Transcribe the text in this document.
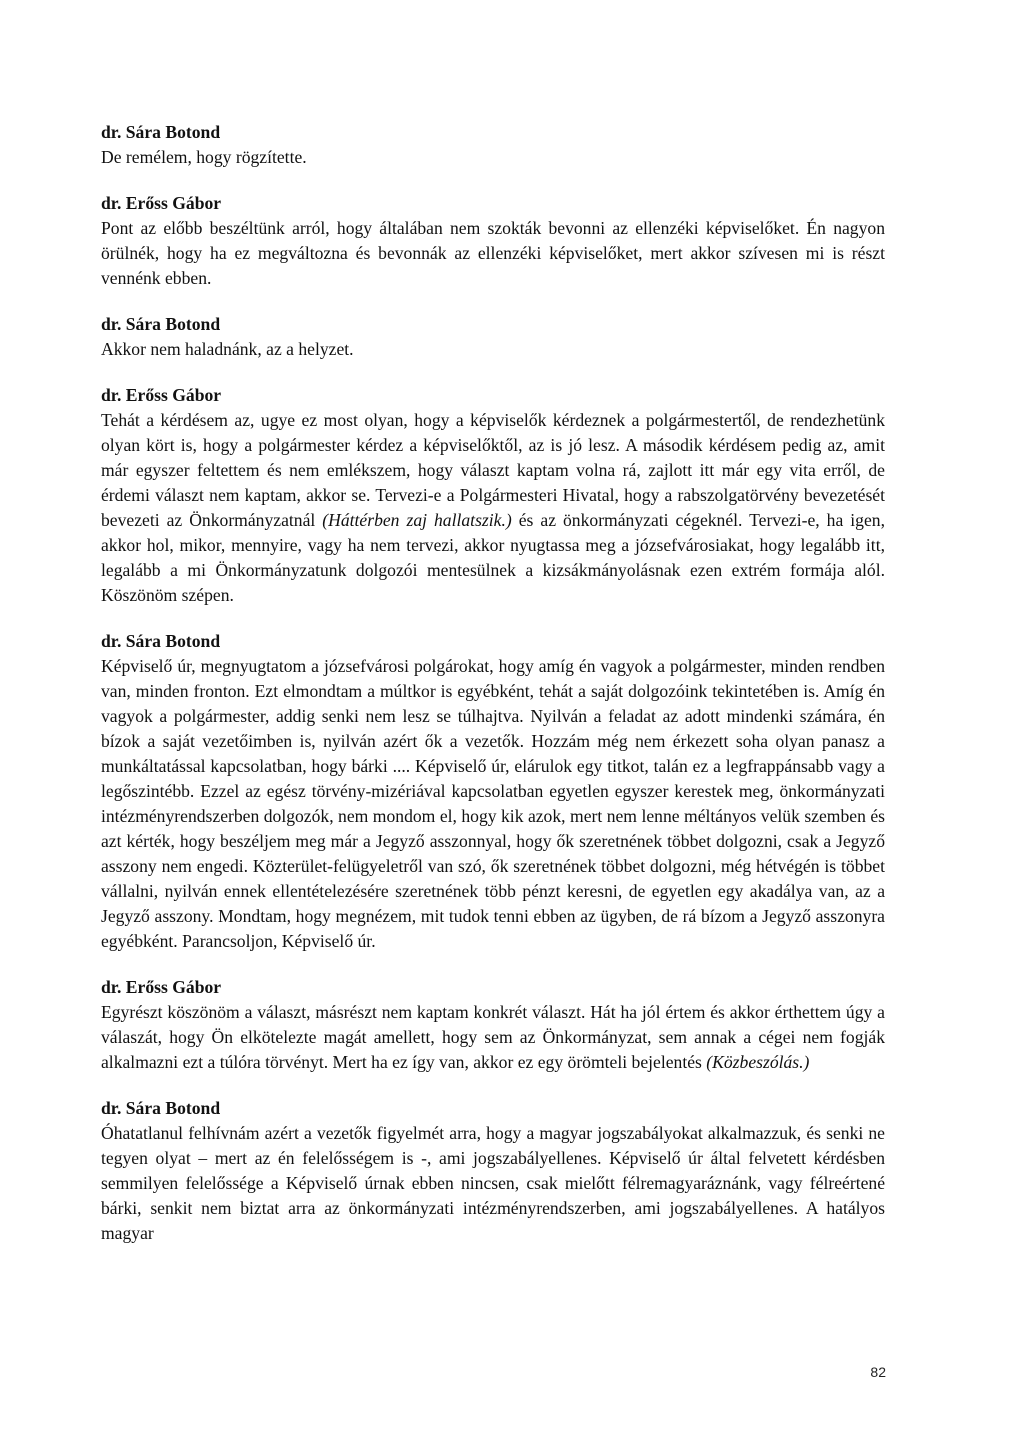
dr. Sára Botond

De remélem, hogy rögzítette.

dr. Erőss Gábor

Pont az előbb beszéltünk arról, hogy általában nem szokták bevonni az ellenzéki képviselőket. Én nagyon örülnék, hogy ha ez megváltozna és bevonnák az ellenzéki képviselőket, mert akkor szívesen mi is részt vennénk ebben.

dr. Sára Botond

Akkor nem haladnánk, az a helyzet.

dr. Erőss Gábor

Tehát a kérdésem az, ugye ez most olyan, hogy a képviselők kérdeznek a polgármestertől, de rendezhetünk olyan kört is, hogy a polgármester kérdez a képviselőktől, az is jó lesz. A második kérdésem pedig az, amit már egyszer feltettem és nem emlékszem, hogy választ kaptam volna rá, zajlott itt már egy vita erről, de érdemi választ nem kaptam, akkor se. Tervezi-e a Polgármesteri Hivatal, hogy a rabszolgatörvény bevezetését bevezeti az Önkormányzatnál (Háttérben zaj hallatszik.) és az önkormányzati cégeknél. Tervezi-e, ha igen, akkor hol, mikor, mennyire, vagy ha nem tervezi, akkor nyugtassa meg a józsefvárosiakat, hogy legalább itt, legalább a mi Önkormányzatunk dolgozói mentesülnek a kizsákmányolásnak ezen extrém formája alól. Köszönöm szépen.

dr. Sára Botond

Képviselő úr, megnyugtatom a józsefvárosi polgárokat, hogy amíg én vagyok a polgármester, minden rendben van, minden fronton. Ezt elmondtam a múltkor is egyébként, tehát a saját dolgozóink tekintetében is. Amíg én vagyok a polgármester, addig senki nem lesz se túlhajtva. Nyilván a feladat az adott mindenki számára, én bízok a saját vezetőimben is, nyilván azért ők a vezetők. Hozzám még nem érkezett soha olyan panasz a munkáltatással kapcsolatban, hogy bárki .... Képviselő úr, elárulok egy titkot, talán ez a legfrappánsabb vagy a legőszintébb. Ezzel az egész törvény-mizériával kapcsolatban egyetlen egyszer kerestek meg, önkormányzati intézményrendszerben dolgozók, nem mondom el, hogy kik azok, mert nem lenne méltányos velük szemben és azt kérték, hogy beszéljem meg már a Jegyző asszonnyal, hogy ők szeretnének többet dolgozni, csak a Jegyző asszony nem engedi. Közterület-felügyeletről van szó, ők szeretnének többet dolgozni, még hétvégén is többet vállalni, nyilván ennek ellentételezésére szeretnének több pénzt keresni, de egyetlen egy akadálya van, az a Jegyző asszony. Mondtam, hogy megnézem, mit tudok tenni ebben az ügyben, de rá bízom a Jegyző asszonyra egyébként. Parancsoljon, Képviselő úr.

dr. Erőss Gábor

Egyrészt köszönöm a választ, másrészt nem kaptam konkrét választ. Hát ha jól értem és akkor érthettem úgy a válaszát, hogy Ön elkötelezte magát amellett, hogy sem az Önkormányzat, sem annak a cégei nem fogják alkalmazni ezt a túlóra törvényt. Mert ha ez így van, akkor ez egy örömteli bejelentés (Közbeszólás.)

dr. Sára Botond

Óhatatlanul felhívnám azért a vezetők figyelmét arra, hogy a magyar jogszabályokat alkalmazzuk, és senki ne tegyen olyat – mert az én felelősségem is -, ami jogszabályellenes. Képviselő úr által felvetett kérdésben semmilyen felelőssége a Képviselő úrnak ebben nincsen, csak mielőtt félremagyaráznánk, vagy félreértené bárki, senkit nem biztat arra az önkormányzati intézményrendszerben, ami jogszabályellenes. A hatályos magyar

82
